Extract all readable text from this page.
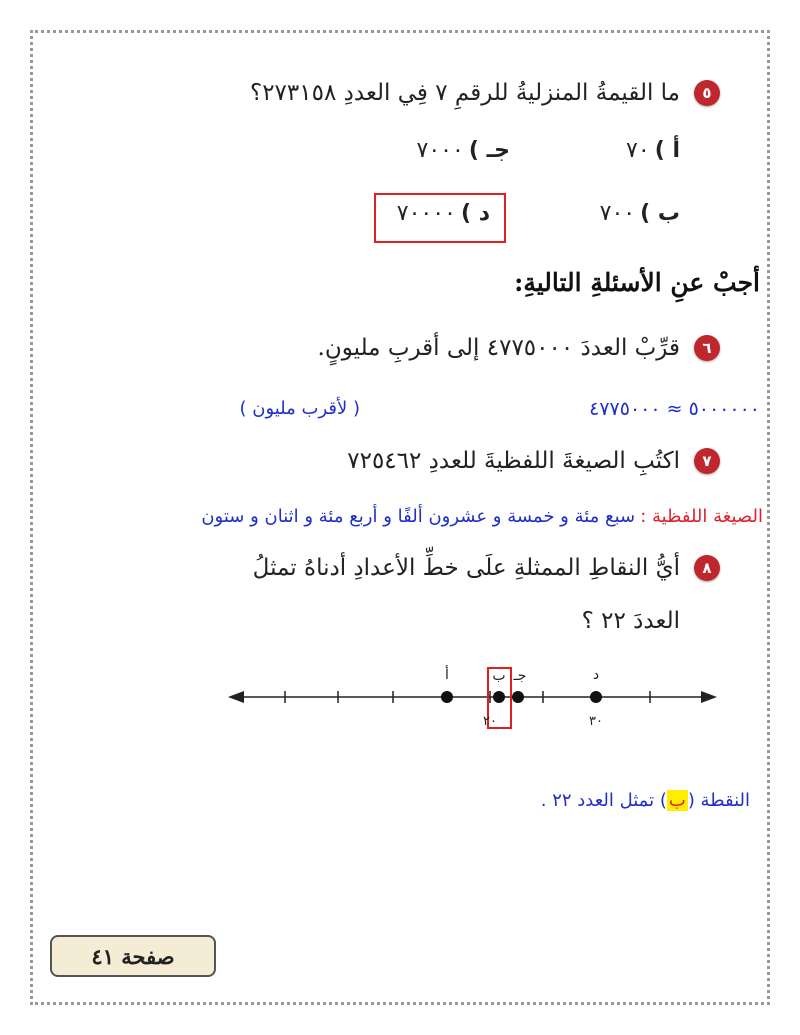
٥ما القيمةُ المنزليةُ للرقمِ ٧ فِي العددِ ٢٧٣١٥٨؟
أ ) ٧٠
جـ ) ٧٠٠٠
ب ) ٧٠٠
د ) ٧٠٠٠٠
أجبْ عنِ الأسئلةِ التاليةِ:
٦قرِّبْ العددَ ٤٧٧٥٠٠٠ إلى أقربِ مليونٍ.
٥٠٠٠٠٠٠ ≈ ٤٧٧٥٠٠٠
( لأقرب مليون )
٧اكتُبِ الصيغةَ اللفظيةَ للعددِ ٧٢٥٤٦٢
الصيغة اللفظية : سبع مئة و خمسة و عشرون ألفًا و أربع مئة و اثنان و ستون
٨أيُّ النقاطِ الممثلةِ علَى خطِّ الأعدادِ أدناهُ تمثلُ
العددَ ٢٢ ؟
أ	ب جـ	د
٢٠	٣٠
النقطة (ب) تمثل العدد ٢٢ .
صفحة ٤١
